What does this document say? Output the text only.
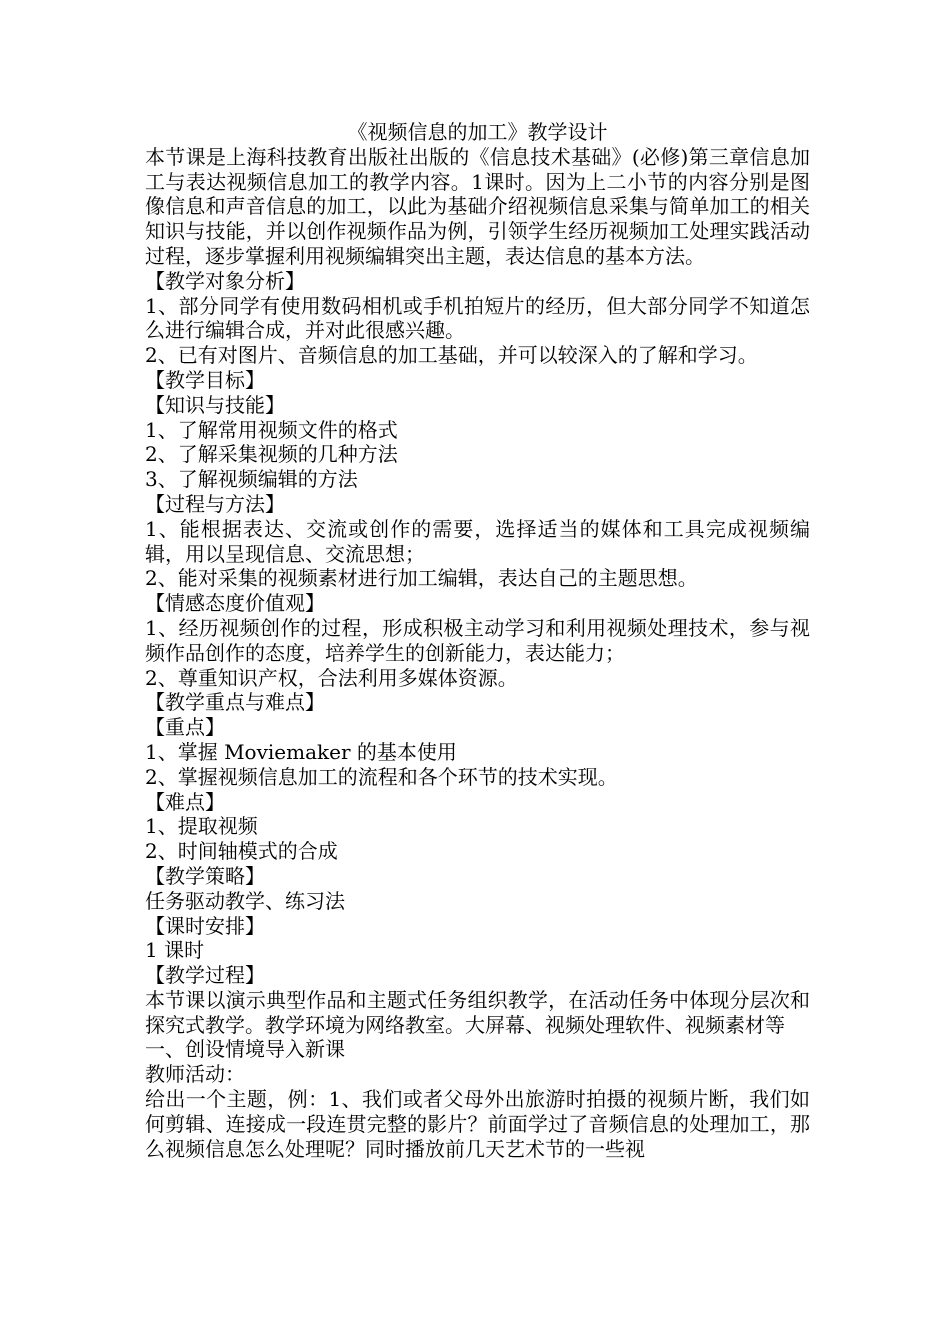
《视频信息的加工》教学设计

本节课是上海科技教育出版社出版的《信息技术基础》(必修)第三章信息加工与表达视频信息加工的教学内容。1课时。因为上二小节的内容分别是图像信息和声音信息的加工，以此为基础介绍视频信息采集与简单加工的相关知识与技能，并以创作视频作品为例，引领学生经历视频加工处理实践活动过程，逐步掌握利用视频编辑突出主题，表达信息的基本方法。

【教学对象分析】

1、部分同学有使用数码相机或手机拍短片的经历，但大部分同学不知道怎么进行编辑合成，并对此很感兴趣。

2、已有对图片、音频信息的加工基础，并可以较深入的了解和学习。

【教学目标】

【知识与技能】

1、了解常用视频文件的格式

2、了解采集视频的几种方法

3、了解视频编辑的方法

【过程与方法】

1、能根据表达、交流或创作的需要，选择适当的媒体和工具完成视频编辑，用以呈现信息、交流思想；

2、能对采集的视频素材进行加工编辑，表达自己的主题思想。

【情感态度价值观】

1、经历视频创作的过程，形成积极主动学习和利用视频处理技术，参与视频作品创作的态度，培养学生的创新能力，表达能力；

2、尊重知识产权，合法利用多媒体资源。

【教学重点与难点】

【重点】

1、掌握 Moviemaker 的基本使用

2、掌握视频信息加工的流程和各个环节的技术实现。

【难点】

1、提取视频

2、时间轴模式的合成

【教学策略】

任务驱动教学、练习法

【课时安排】

1 课时

【教学过程】

本节课以演示典型作品和主题式任务组织教学，在活动任务中体现分层次和探究式教学。教学环境为网络教室。大屏幕、视频处理软件、视频素材等

一、创设情境导入新课

教师活动：

给出一个主题，例：1、我们或者父母外出旅游时拍摄的视频片断，我们如何剪辑、连接成一段连贯完整的影片？前面学过了音频信息的处理加工，那么视频信息怎么处理呢？同时播放前几天艺术节的一些视
